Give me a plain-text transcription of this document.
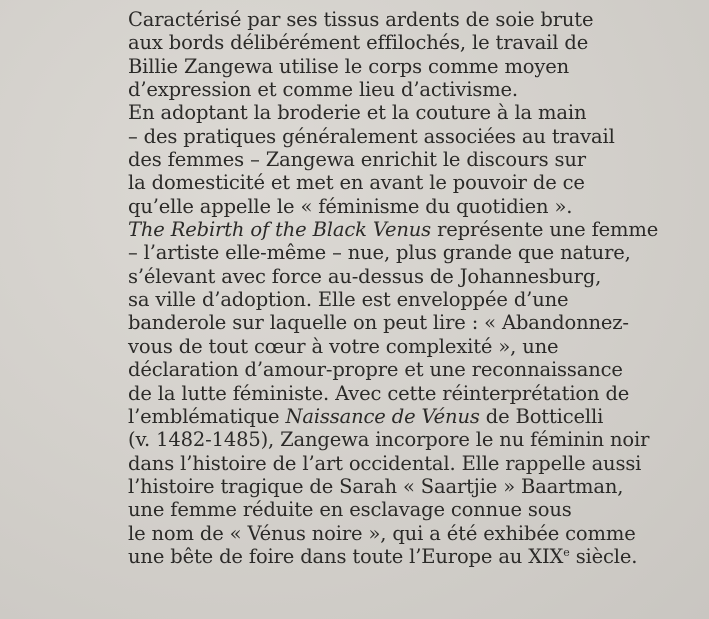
Caractérisé par ses tissus ardents de soie brute
aux bords délibérément effilochés, le travail de
Billie Zangewa utilise le corps comme moyen
d’expression et comme lieu d’activisme.
En adoptant la broderie et la couture à la main
– des pratiques généralement associées au travail
des femmes – Zangewa enrichit le discours sur
la domesticité et met en avant le pouvoir de ce
qu’elle appelle le « féminisme du quotidien ».
The Rebirth of the Black Venus représente une femme
– l’artiste elle-même – nue, plus grande que nature,
s’élevant avec force au-dessus de Johannesburg,
sa ville d’adoption. Elle est enveloppée d’une
banderole sur laquelle on peut lire : « Abandonnez-
vous de tout cœur à votre complexité », une
déclaration d’amour-propre et une reconnaissance
de la lutte féministe. Avec cette réinterprétation de
l’emblématique Naissance de Vénus de Botticelli
(v. 1482-1485), Zangewa incorpore le nu féminin noir
dans l’histoire de l’art occidental. Elle rappelle aussi
l’histoire tragique de Sarah « Saartjie » Baartman,
une femme réduite en esclavage connue sous
le nom de « Vénus noire », qui a été exhibée comme
une bête de foire dans toute l’Europe au XIXe siècle.
